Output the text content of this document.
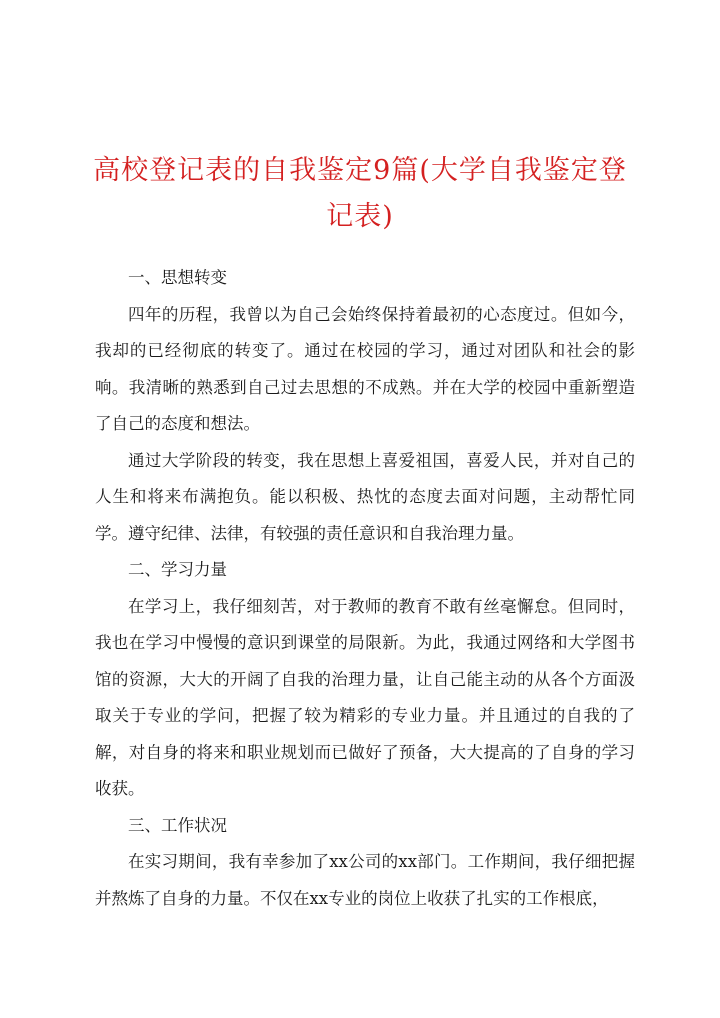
高校登记表的自我鉴定9篇(大学自我鉴定登记表)

一、思想转变

四年的历程，我曾以为自己会始终保持着最初的心态度过。但如今，我却的已经彻底的转变了。通过在校园的学习，通过对团队和社会的影响。我清晰的熟悉到自己过去思想的不成熟。并在大学的校园中重新塑造了自己的态度和想法。

通过大学阶段的转变，我在思想上喜爱祖国，喜爱人民，并对自己的人生和将来布满抱负。能以积极、热忱的态度去面对问题，主动帮忙同学。遵守纪律、法律，有较强的责任意识和自我治理力量。

二、学习力量

在学习上，我仔细刻苦，对于教师的教育不敢有丝毫懈怠。但同时，我也在学习中慢慢的意识到课堂的局限新。为此，我通过网络和大学图书馆的资源，大大的开阔了自我的治理力量，让自己能主动的从各个方面汲取关于专业的学问，把握了较为精彩的专业力量。并且通过的自我的了解，对自身的将来和职业规划而已做好了预备，大大提高的了自身的学习收获。

三、工作状况

在实习期间，我有幸参加了xx公司的xx部门。工作期间，我仔细把握并熬炼了自身的力量。不仅在xx专业的岗位上收获了扎实的工作根底，
